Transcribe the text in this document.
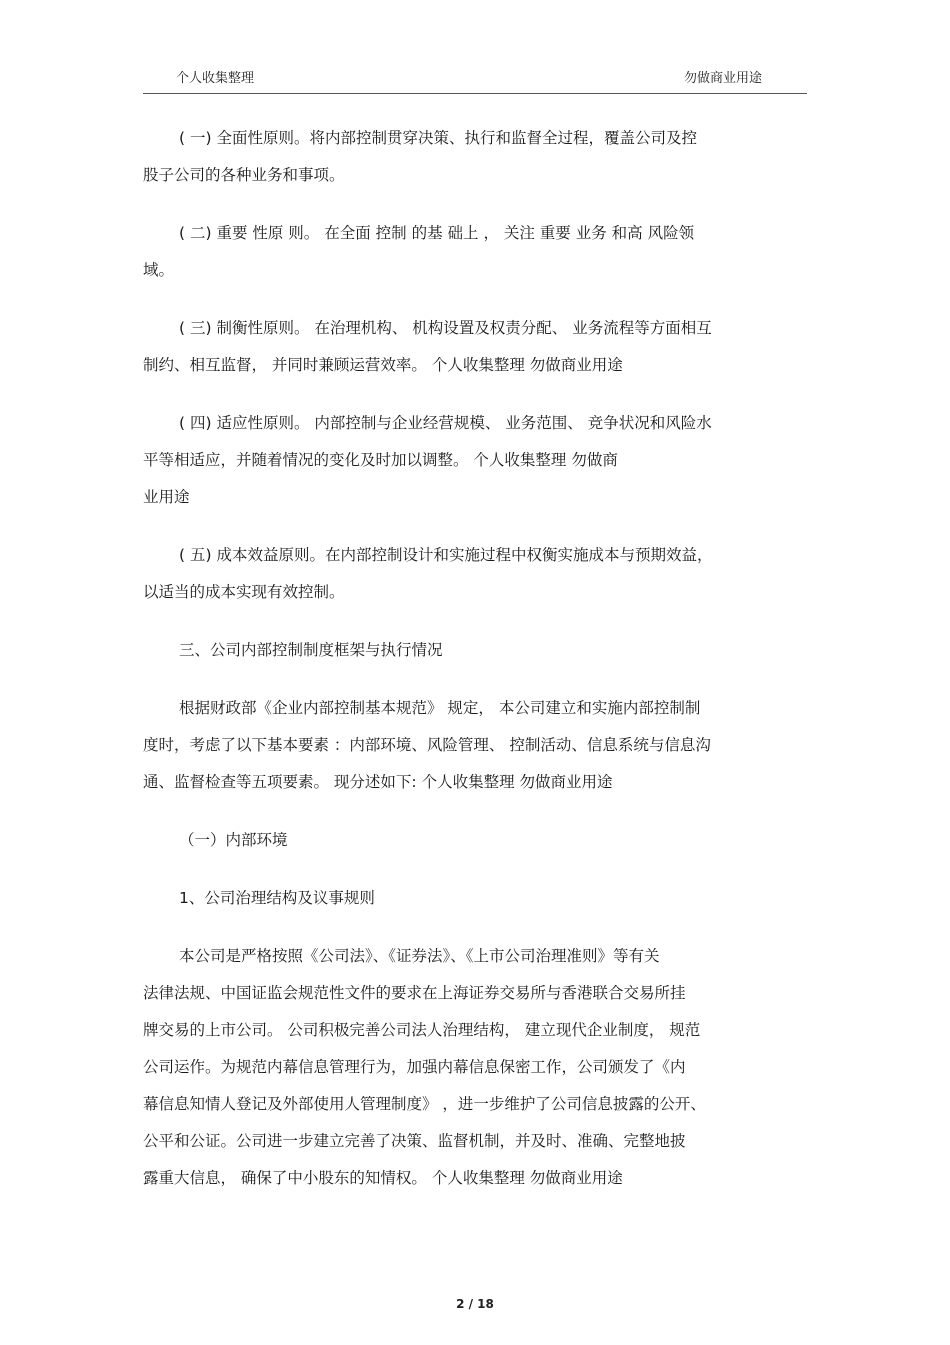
个人收集整理	勿做商业用途
( 一) 全面性原则。将内部控制贯穿决策、执行和监督全过程，覆盖公司及控
股子公司的各种业务和事项。
( 二) 重要 性原 则。 在全面 控制 的基 础上 ， 关注 重要 业务 和高 风险领
域。
( 三) 制衡性原则。 在治理机构、 机构设置及权责分配、 业务流程等方面相互
制约、相互监督， 并同时兼顾运营效率。 个人收集整理 勿做商业用途
( 四) 适应性原则。 内部控制与企业经营规模、 业务范围、 竞争状况和风险水
平等相适应，并随着情况的变化及时加以调整。 个人收集整理 勿做商
业用途
( 五) 成本效益原则。在内部控制设计和实施过程中权衡实施成本与预期效益，
以适当的成本实现有效控制。
三、公司内部控制制度框架与执行情况
根据财政部《企业内部控制基本规范》 规定， 本公司建立和实施内部控制制
度时，考虑了以下基本要素 ：内部环境、风险管理、 控制活动、信息系统与信息沟
通、监督检查等五项要素。 现分述如下: 个人收集整理 勿做商业用途
（一）内部环境
1、公司治理结构及议事规则
本公司是严格按照《公司法》、《证券法》、《上市公司治理准则》等有关
法律法规、中国证监会规范性文件的要求在上海证券交易所与香港联合交易所挂
牌交易的上市公司。 公司积极完善公司法人治理结构， 建立现代企业制度， 规范
公司运作。为规范内幕信息管理行为，加强内幕信息保密工作，公司颁发了《内
幕信息知情人登记及外部使用人管理制度》 ，进一步维护了公司信息披露的公开、
公平和公证。公司进一步建立完善了决策、监督机制，并及时、准确、完整地披
露重大信息， 确保了中小股东的知情权。 个人收集整理 勿做商业用途
2 / 18
